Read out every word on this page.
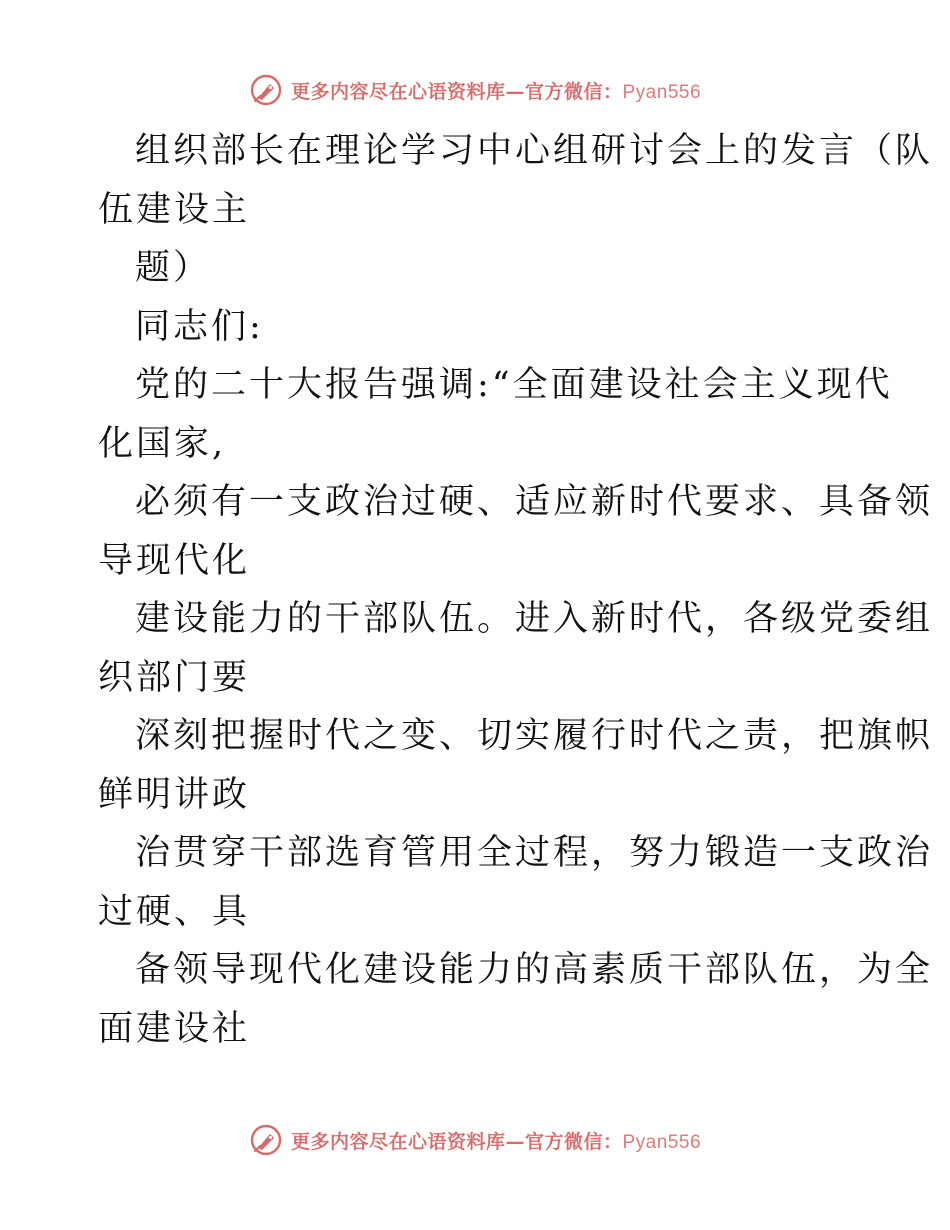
更多内容尽在心语资料库—官方微信：Pyan556
组织部长在理论学习中心组研讨会上的发言（队
伍建设主
题）
同志们:
党的二十大报告强调:“全面建设社会主义现代
化国家,
必须有一支政治过硬、适应新时代要求、具备领
导现代化
建设能力的干部队伍。进入新时代，各级党委组
织部门要
深刻把握时代之变、切实履行时代之责，把旗帜
鲜明讲政
治贯穿干部选育管用全过程，努力锻造一支政治
过硬、具
备领导现代化建设能力的高素质干部队伍，为全
面建设社
更多内容尽在心语资料库—官方微信：Pyan556
